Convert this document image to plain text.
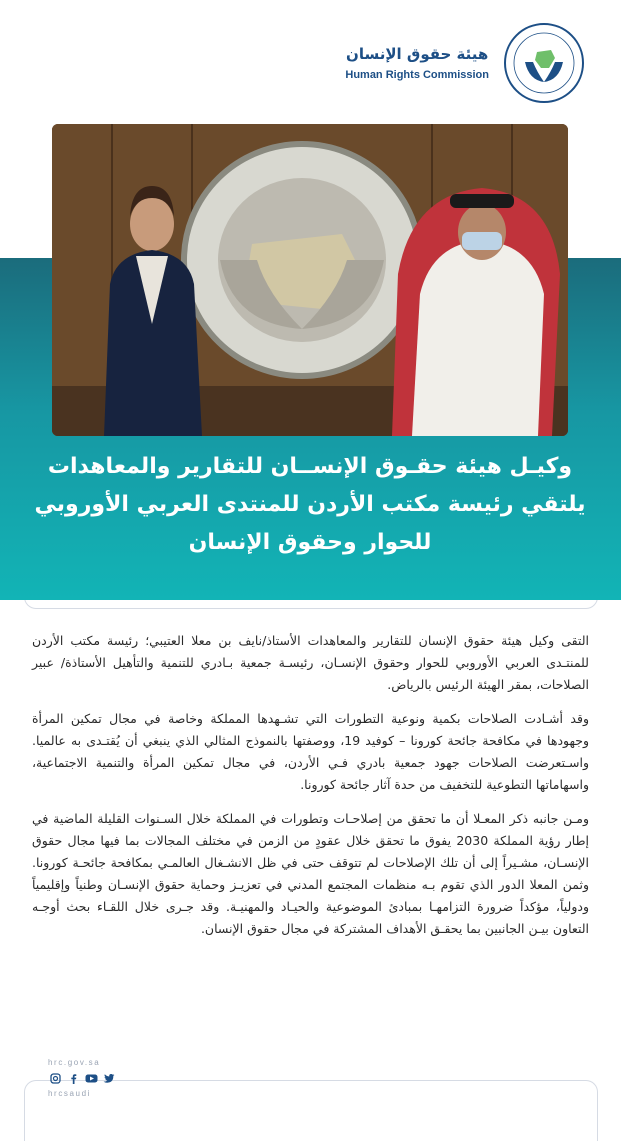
هيئة حقوق الإنسان
Human Rights Commission
وكيـل هيئة حقـوق الإنســان للتقارير والمعاهدات
يلتقي رئيسة مكتب الأردن للمنتدى العربي الأوروبي
للحوار وحقوق الإنسان

التقى وكيل هيئة حقوق الإنسان للتقارير والمعاهدات الأستاذ/نايف بن معلا العتيبي؛ رئيسة مكتب الأردن للمنتـدى العربي الأوروبي للحوار وحقوق الإنسـان، رئيسـة جمعية بـادري للتنمية والتأهيل الأستاذة/ عبير الصلاحات، بمقر الهيئة الرئيس بالرياض.

وقد أشـادت الصلاحات بكمية ونوعية التطورات التي تشـهدها المملكة وخاصة في مجال تمكين المرأة وجهودها في مكافحة جائحة كورونا – كوفيد 19، ووصفتها بالنموذج المثالي الذي ينبغي أن يُقتـدى به عالميا. واسـتعرضت الصلاحات جهود جمعية بادري فـي الأردن، في مجال تمكين المرأة والتنمية الاجتماعية، واسهاماتها التطوعية للتخفيف من حدة آثار جائحة كورونا.

ومـن جانبه ذكر المعـلا أن ما تحقق من إصلاحـات وتطورات في المملكة خلال السـنوات القليلة الماضية في إطار رؤية المملكة 2030 يفوق ما تحقق خلال عقودٍ من الزمن في مختلف المجالات بما فيها مجال حقوق الإنسـان، مشـيراً إلى أن تلك الإصلاحات لم تتوقف حتى في ظل الانشـغال العالمـي بمكافحة جائحـة كورونا. وثمن المعلا الدور الذي تقوم بـه منظمات المجتمع المدني في تعزيـز وحماية حقوق الإنسـان وطنياً وإقليمياً ودولياً، مؤكداً ضرورة التزامهـا بمبادئ الموضوعية والحيـاد والمهنيـة. وقد جـرى خلال اللقـاء بحث أوجـه التعاون بيـن الجانبين بما يحقـق الأهداف المشتركة في مجال حقوق الإنسان.

hrc.gov.sa
hrcsaudi
